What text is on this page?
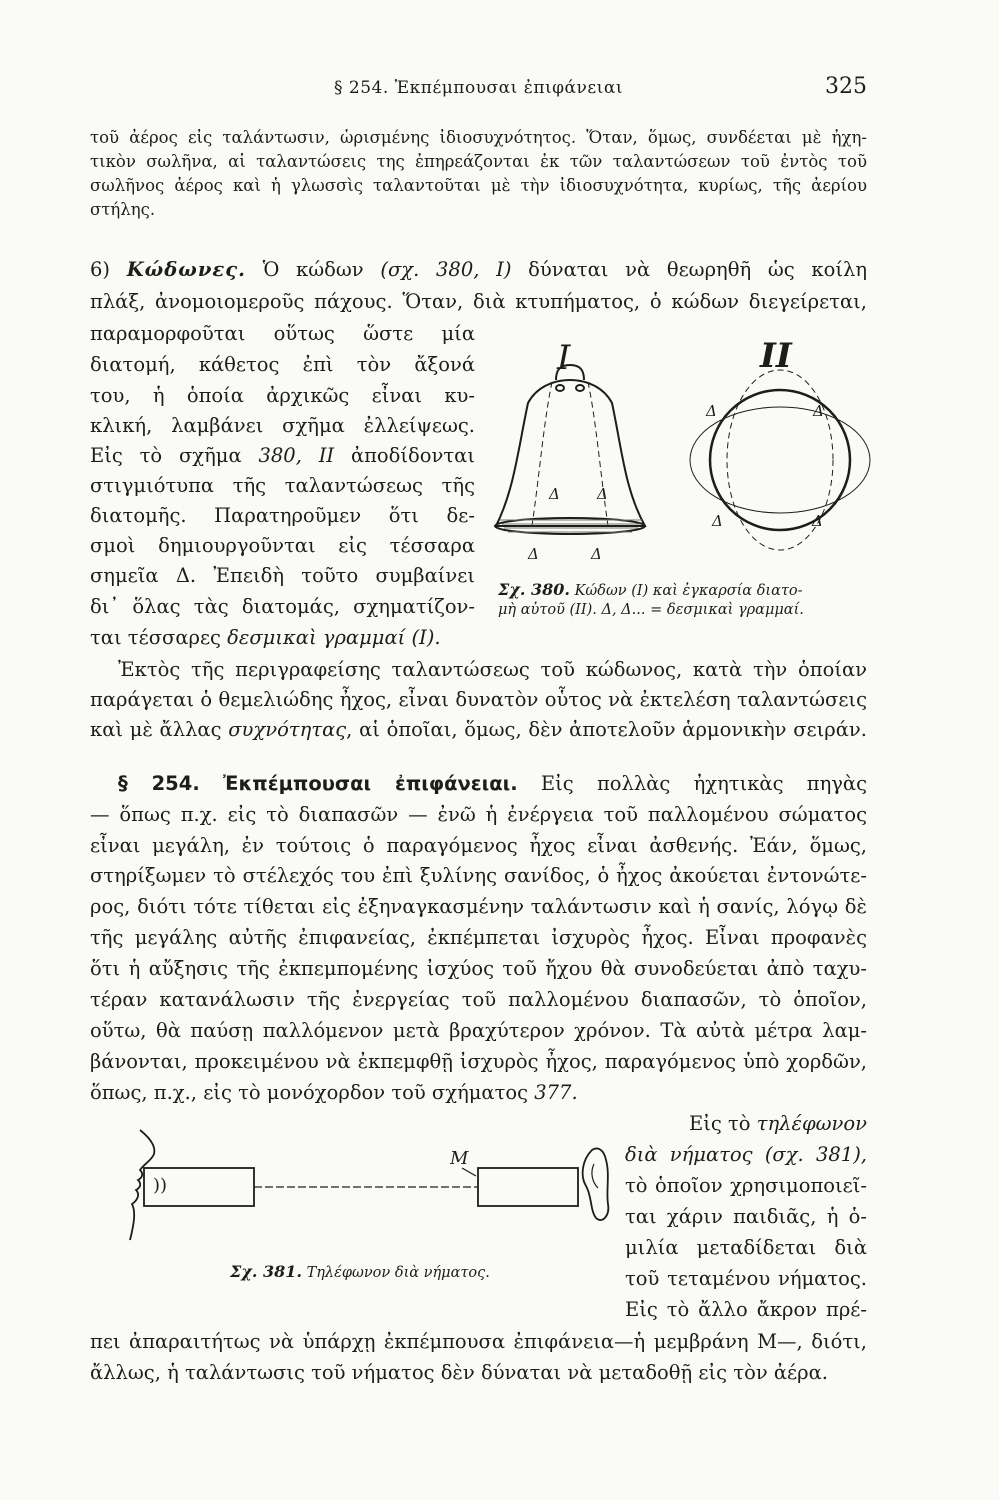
§ 254. Ἐκπέμπουσαι ἐπιφάνειαι	325
τοῦ ἀέρος εἰς ταλάντωσιν, ὡρισμένης ἰδιοσυχνότητος. Ὅταν, ὅμως, συνδέεται μὲ ἠχη-
τικὸν σωλῆνα, αἱ ταλαντώσεις της ἐπηρεάζονται ἐκ τῶν ταλαντώσεων τοῦ ἐντὸς τοῦ
σωλῆνος ἀέρος καὶ ἡ γλωσσὶς ταλαντοῦται μὲ τὴν ἰδιοσυχνότητα, κυρίως, τῆς ἀερίου
στήλης.
6) Κώδωνες. Ὁ κώδων (σχ. 380, I) δύναται νὰ θεωρηθῆ ὡς κοίλη
πλάξ, ἀνομοιομεροῦς πάχους. Ὅταν, διὰ κτυπήματος, ὁ κώδων διεγείρεται,
παραμορφοῦται οὕτως ὥστε μία
διατομή, κάθετος ἐπὶ τὸν ἄξονά
του, ἡ ὁποία ἀρχικῶς εἶναι κυ-
κλική, λαμβάνει σχῆμα ἐλλείψεως.
Εἰς τὸ σχῆμα 380, II ἀποδίδονται
στιγμιότυπα τῆς ταλαντώσεως τῆς
διατομῆς. Παρατηροῦμεν ὅτι δε-
σμοὶ δημιουργοῦνται εἰς τέσσαρα
σημεῖα Δ. Ἐπειδὴ τοῦτο συμβαίνει
δι᾽ ὅλας τὰς διατομάς, σχηματίζον-
ται τέσσαρες δεσμικαὶ γραμμαί (I).
Ἐκτὸς τῆς περιγραφείσης ταλαντώσεως τοῦ κώδωνος, κατὰ τὴν ὁποίαν
παράγεται ὁ θεμελιώδης ἦχος, εἶναι δυνατὸν οὗτος νὰ ἐκτελέση ταλαντώσεις
καὶ μὲ ἄλλας συχνότητας, αἱ ὁποῖαι, ὅμως, δὲν ἀποτελοῦν ἁρμονικὴν σειράν.
I	II
Δ Δ
Δ	Δ
Δ	Δ
Δ	Δ
Σχ. 380. Κώδων (I) καὶ ἐγκαρσία διατο-
μὴ αὐτοῦ (II). Δ, Δ... = δεσμικαὶ γραμμαί.
§ 254. Ἐκπέμπουσαι ἐπιφάνειαι. Εἰς πολλὰς ἠχητικὰς πηγὰς
— ὅπως π.χ. εἰς τὸ διαπασῶν — ἐνῶ ἡ ἐνέργεια τοῦ παλλομένου σώματος
εἶναι μεγάλη, ἐν τούτοις ὁ παραγόμενος ἦχος εἶναι ἀσθενής. Ἐάν, ὅμως,
στηρίξωμεν τὸ στέλεχός του ἐπὶ ξυλίνης σανίδος, ὁ ἦχος ἀκούεται ἐντονώτε-
ρος, διότι τότε τίθεται εἰς ἐξηναγκασμένην ταλάντωσιν καὶ ἡ σανίς, λόγῳ δὲ
τῆς μεγάλης αὐτῆς ἐπιφανείας, ἐκπέμπεται ἰσχυρὸς ἦχος. Εἶναι προφανὲς
ὅτι ἡ αὔξησις τῆς ἐκπεμπομένης ἰσχύος τοῦ ἤχου θὰ συνοδεύεται ἀπὸ ταχυ-
τέραν κατανάλωσιν τῆς ἐνεργείας τοῦ παλλομένου διαπασῶν, τὸ ὁποῖον,
οὕτω, θὰ παύσῃ παλλόμενον μετὰ βραχύτερον χρόνον. Τὰ αὐτὰ μέτρα λαμ-
βάνονται, προκειμένου νὰ ἐκπεμφθῇ ἰσχυρὸς ἦχος, παραγόμενος ὑπὸ χορδῶν,
ὅπως, π.χ., εἰς τὸ μονόχορδον τοῦ σχήματος 377.
Εἰς τὸ τηλέφωνον
διὰ νήματος (σχ. 381),
τὸ ὁποῖον χρησιμοποιεῖ-
ται χάριν παιδιᾶς, ἡ ὁ-
μιλία μεταδίδεται διὰ
τοῦ τεταμένου νήματος.
Εἰς τὸ ἄλλο ἄκρον πρέ-
πει ἀπαραιτήτως νὰ ὑπάρχῃ ἐκπέμπουσα ἐπιφάνεια—ἡ μεμβράνη Μ—, διότι,
ἄλλως, ἡ ταλάντωσις τοῦ νήματος δὲν δύναται νὰ μεταδοθῇ εἰς τὸν ἀέρα.
))
Μ
Σχ. 381. Τηλέφωνον διὰ νήματος.
